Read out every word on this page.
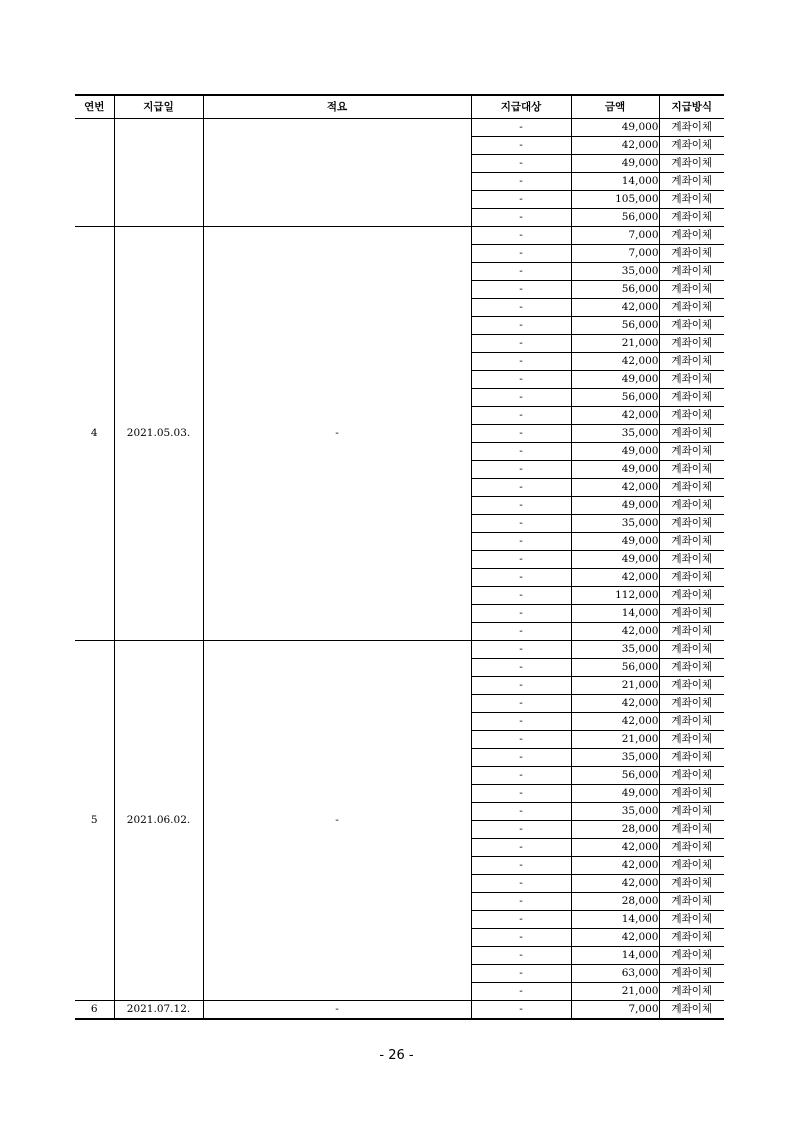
연번	지급일	적요	지급대상	금액	지급방식
			-	49,000	계좌이체
			-	42,000	계좌이체
			-	49,000	계좌이체
			-	14,000	계좌이체
			-	105,000	계좌이체
			-	56,000	계좌이체
4	2021.05.03.	-	-	7,000	계좌이체
			-	7,000	계좌이체
			-	35,000	계좌이체
			-	56,000	계좌이체
			-	42,000	계좌이체
			-	56,000	계좌이체
			-	21,000	계좌이체
			-	42,000	계좌이체
			-	49,000	계좌이체
			-	56,000	계좌이체
			-	42,000	계좌이체
			-	35,000	계좌이체
			-	49,000	계좌이체
			-	49,000	계좌이체
			-	42,000	계좌이체
			-	49,000	계좌이체
			-	35,000	계좌이체
			-	49,000	계좌이체
			-	49,000	계좌이체
			-	42,000	계좌이체
			-	112,000	계좌이체
			-	14,000	계좌이체
			-	42,000	계좌이체
5	2021.06.02.	-	-	35,000	계좌이체
			-	56,000	계좌이체
			-	21,000	계좌이체
			-	42,000	계좌이체
			-	42,000	계좌이체
			-	21,000	계좌이체
			-	35,000	계좌이체
			-	56,000	계좌이체
			-	49,000	계좌이체
			-	35,000	계좌이체
			-	28,000	계좌이체
			-	42,000	계좌이체
			-	42,000	계좌이체
			-	42,000	계좌이체
			-	28,000	계좌이체
			-	14,000	계좌이체
			-	42,000	계좌이체
			-	14,000	계좌이체
			-	63,000	계좌이체
			-	21,000	계좌이체
6	2021.07.12.	-	-	7,000	계좌이체
- 26 -
